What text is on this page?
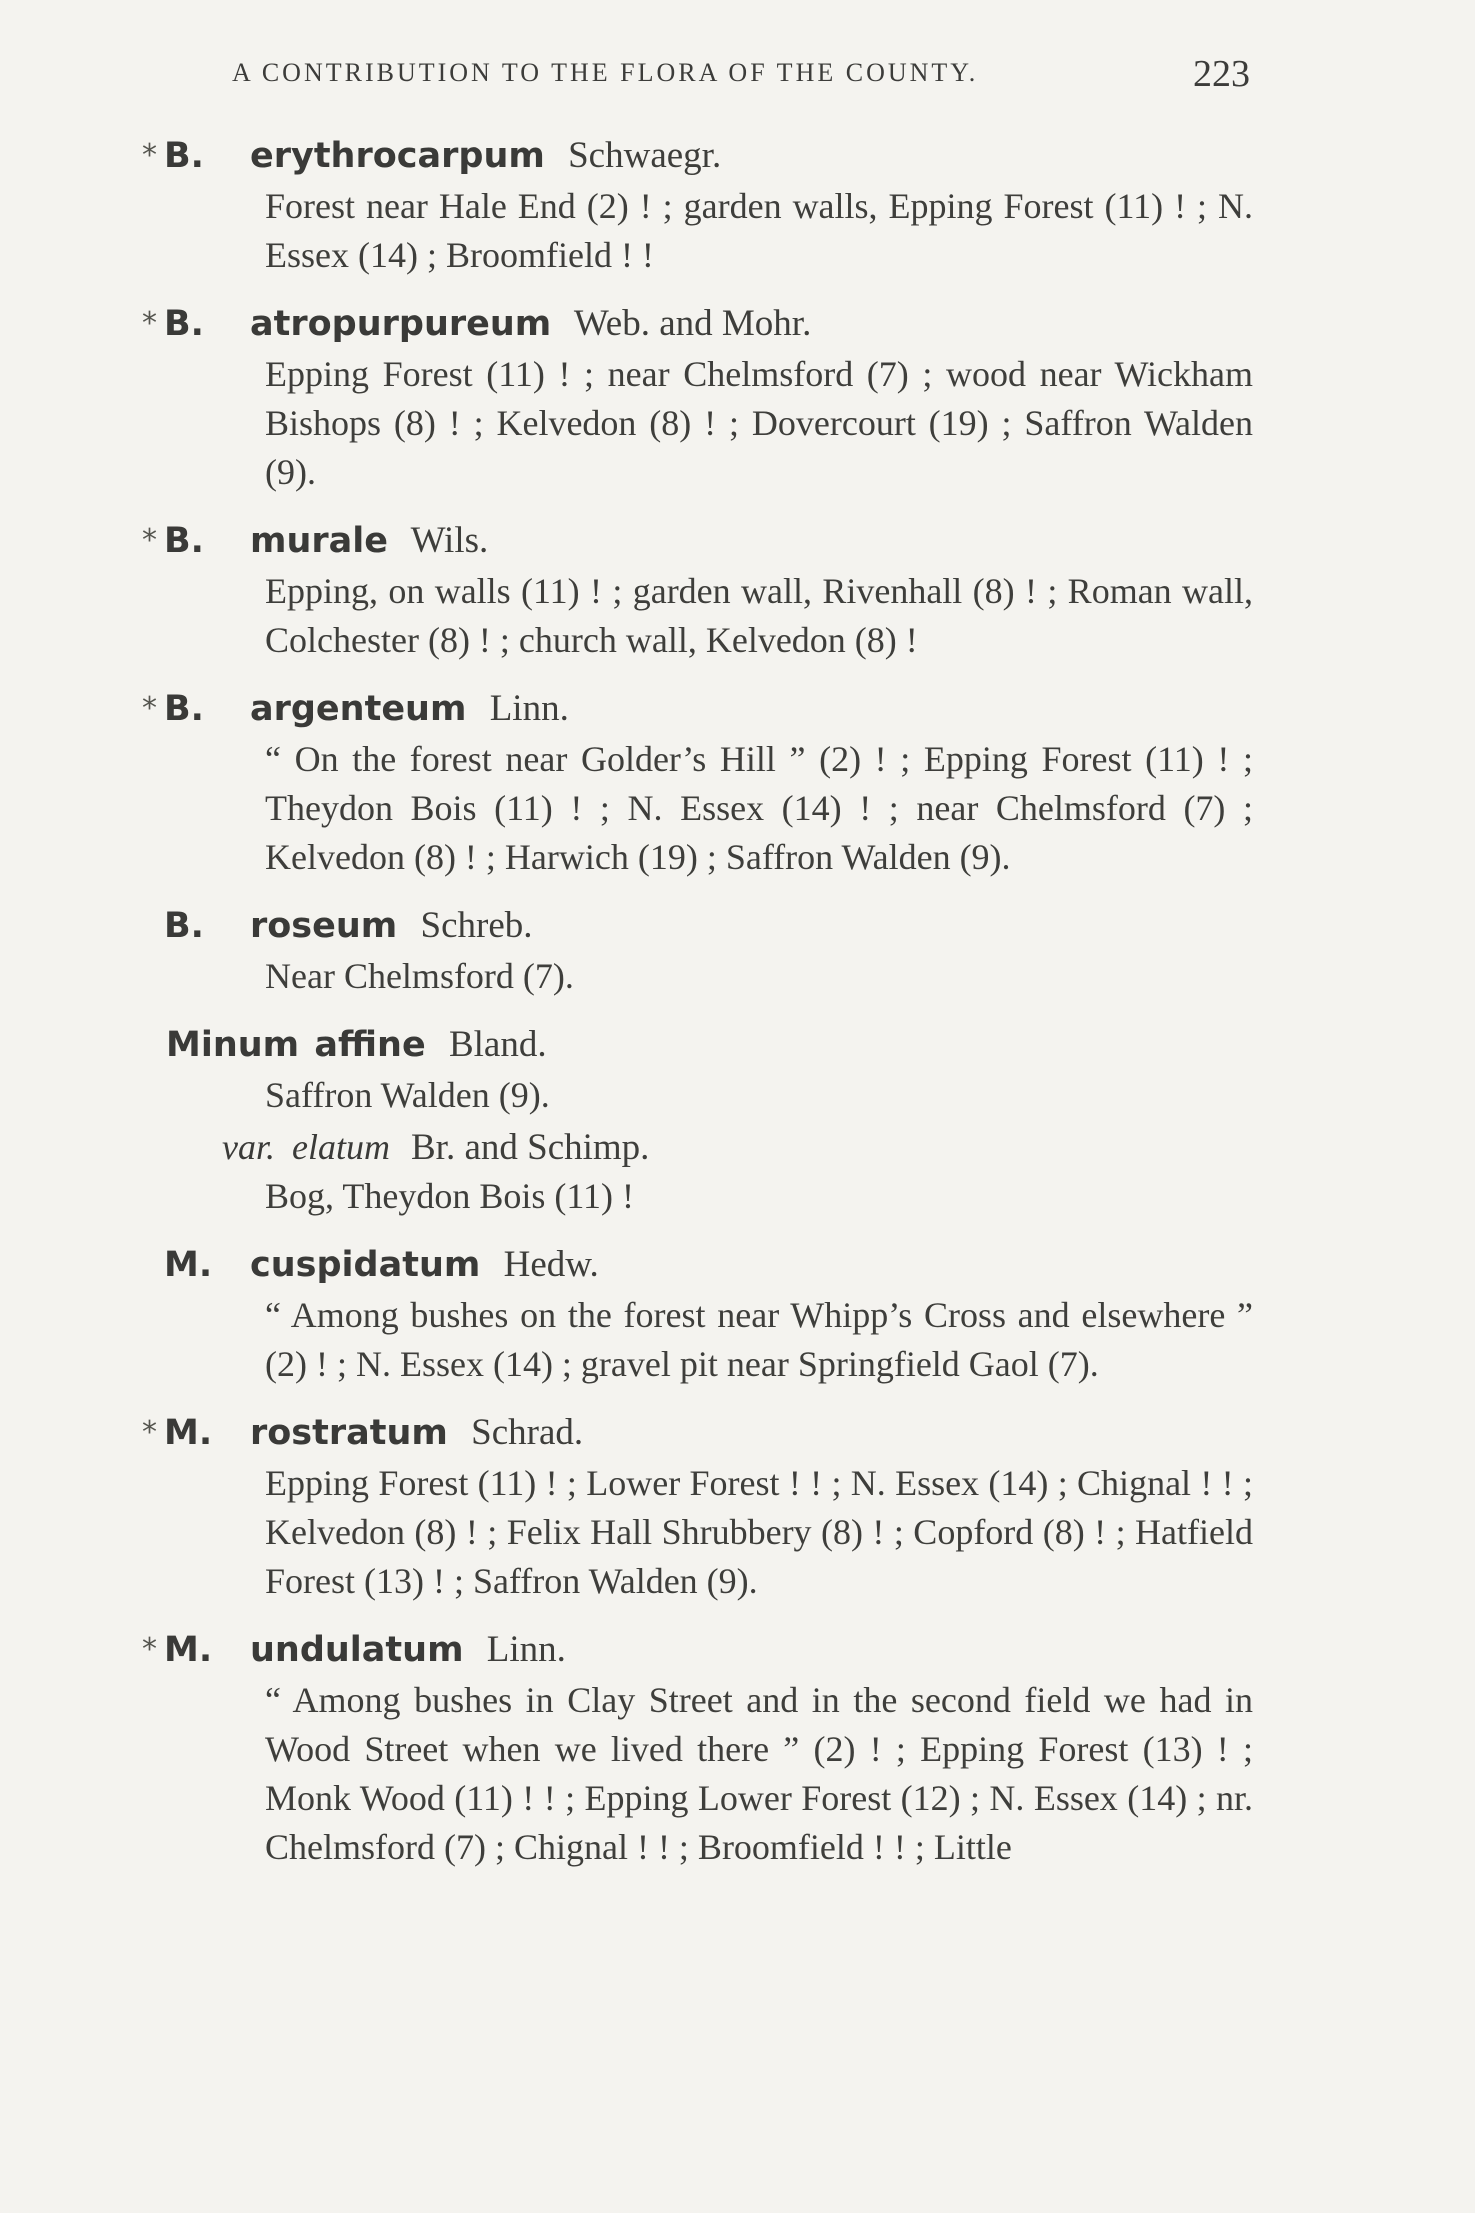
A CONTRIBUTION TO THE FLORA OF THE COUNTY.	223
* B. erythrocarpum Schwaegr.
Forest near Hale End (2) ! ; garden walls, Epping Forest (11) ! ; N. Essex (14) ; Broomfield ! !
* B. atropurpureum Web. and Mohr.
Epping Forest (11) ! ; near Chelmsford (7) ; wood near Wickham Bishops (8) ! ; Kelvedon (8) ! ; Dovercourt (19) ; Saffron Walden (9).
* B. murale Wils.
Epping, on walls (11) ! ; garden wall, Rivenhall (8) ! ; Roman wall, Colchester (8) ! ; church wall, Kelvedon (8) !
* B. argenteum Linn.
“ On the forest near Golder’s Hill ” (2) ! ; Epping Forest (11) ! ; Theydon Bois (11) ! ; N. Essex (14) ! ; near Chelmsford (7) ; Kelvedon (8) ! ; Harwich (19) ; Saffron Walden (9).
B. roseum Schreb.
Near Chelmsford (7).
Minum affine Bland.
Saffron Walden (9).
var. elatum Br. and Schimp.
Bog, Theydon Bois (11) !
M. cuspidatum Hedw.
“ Among bushes on the forest near Whipp’s Cross and elsewhere ” (2) ! ; N. Essex (14) ; gravel pit near Springfield Gaol (7).
* M. rostratum Schrad.
Epping Forest (11) ! ; Lower Forest ! ! ; N. Essex (14) ; Chignal ! ! ; Kelvedon (8) ! ; Felix Hall Shrubbery (8) ! ; Copford (8) ! ; Hatfield Forest (13) ! ; Saffron Walden (9).
* M. undulatum Linn.
“ Among bushes in Clay Street and in the second field we had in Wood Street when we lived there ” (2) ! ; Epping Forest (13) ! ; Monk Wood (11) ! ! ; Epping Lower Forest (12) ; N. Essex (14) ; nr. Chelmsford (7) ; Chignal ! ! ; Broomfield ! ! ; Little
